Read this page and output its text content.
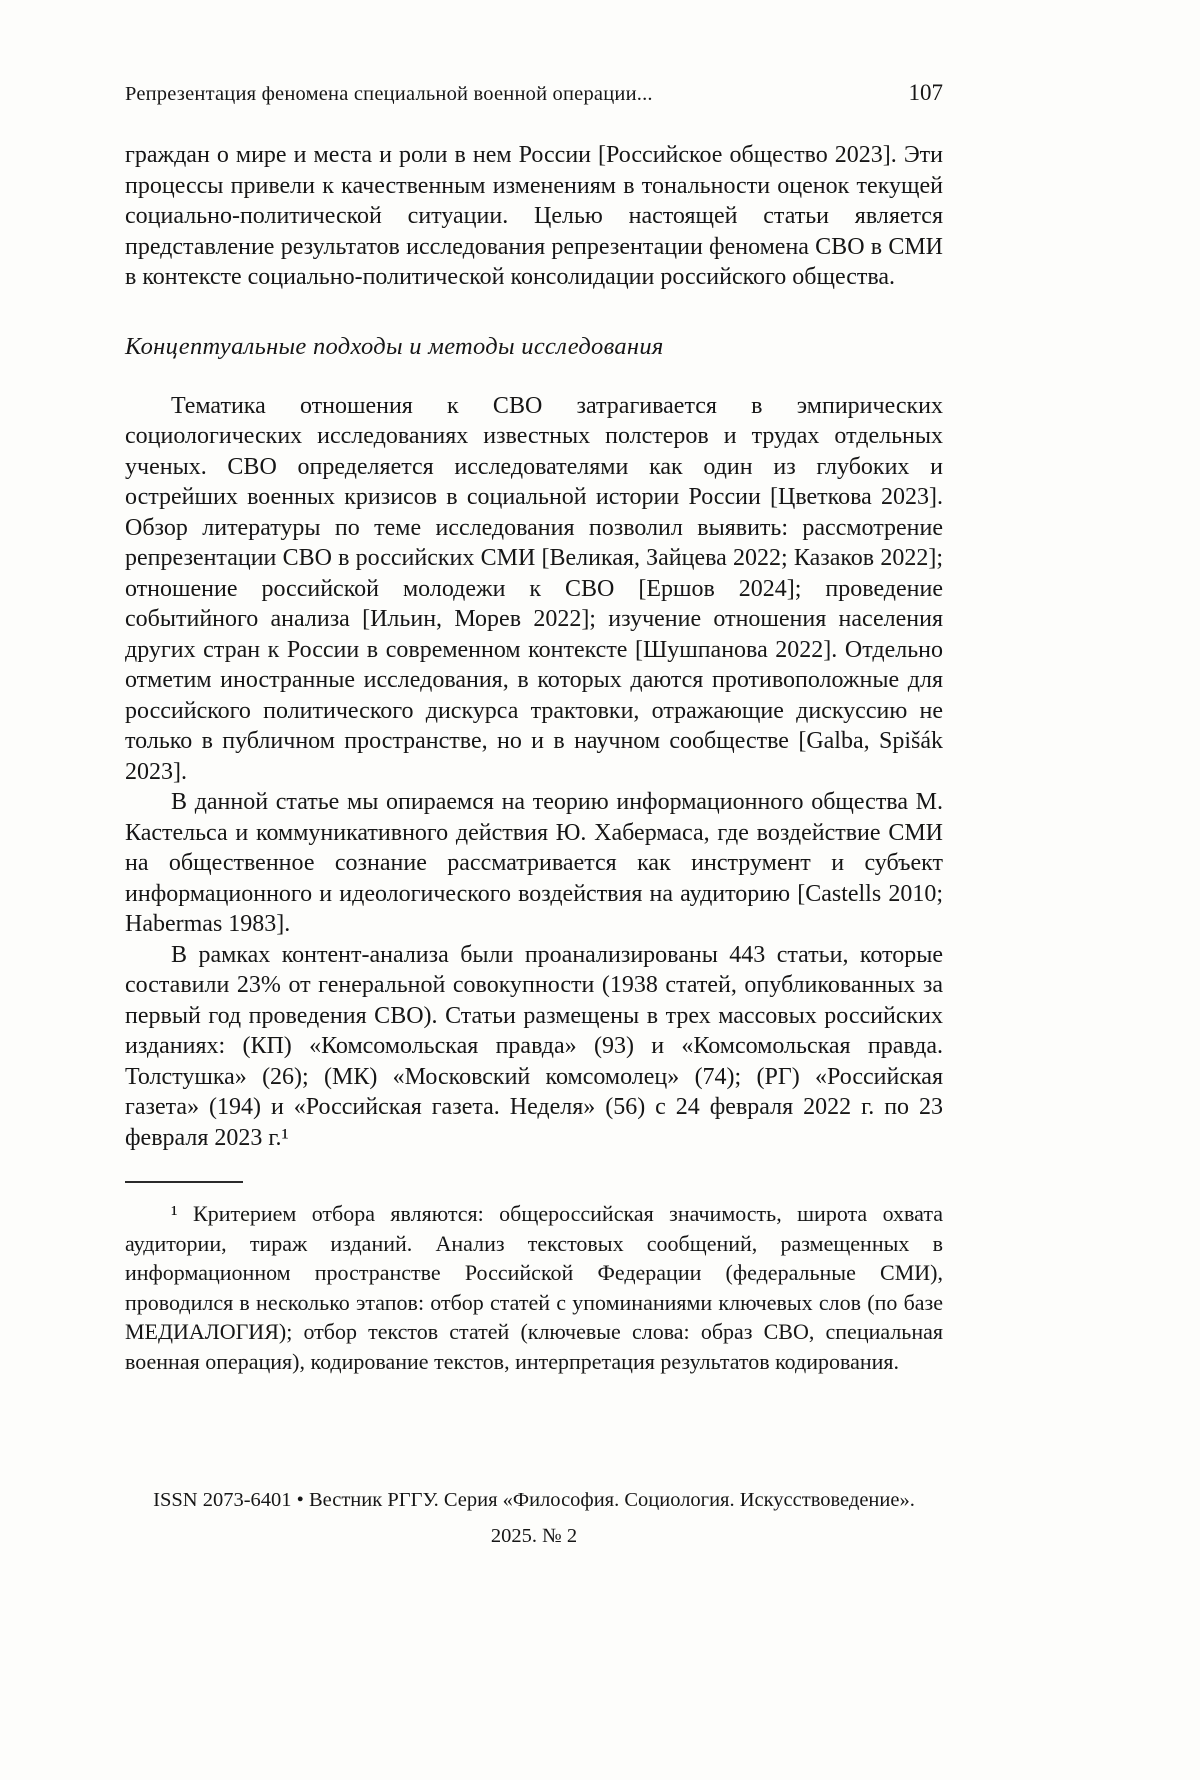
Репрезентация феномена специальной военной операции...	107

граждан о мире и места и роли в нем России [Российское общество 2023]. Эти процессы привели к качественным изменениям в тональности оценок текущей социально-политической ситуации. Целью настоящей статьи является представление результатов исследования репрезентации феномена СВО в СМИ в контексте социально-политической консолидации российского общества.

Концептуальные подходы и методы исследования

Тематика отношения к СВО затрагивается в эмпирических социологических исследованиях известных полстеров и трудах отдельных ученых. СВО определяется исследователями как один из глубоких и острейших военных кризисов в социальной истории России [Цветкова 2023]. Обзор литературы по теме исследования позволил выявить: рассмотрение репрезентации СВО в российских СМИ [Великая, Зайцева 2022; Казаков 2022]; отношение российской молодежи к СВО [Ершов 2024]; проведение событийного анализа [Ильин, Морев 2022]; изучение отношения населения других стран к России в современном контексте [Шушпанова 2022]. Отдельно отметим иностранные исследования, в которых даются противоположные для российского политического дискурса трактовки, отражающие дискуссию не только в публичном пространстве, но и в научном сообществе [Galba, Spišák 2023].

В данной статье мы опираемся на теорию информационного общества М. Кастельса и коммуникативного действия Ю. Хабермаса, где воздействие СМИ на общественное сознание рассматривается как инструмент и субъект информационного и идеологического воздействия на аудиторию [Castells 2010; Habermas 1983].

В рамках контент-анализа были проанализированы 443 статьи, которые составили 23% от генеральной совокупности (1938 статей, опубликованных за первый год проведения СВО). Статьи размещены в трех массовых российских изданиях: (КП) «Комсомольская правда» (93) и «Комсомольская правда. Толстушка» (26); (МК) «Московский комсомолец» (74); (РГ) «Российская газета» (194) и «Российская газета. Неделя» (56) с 24 февраля 2022 г. по 23 февраля 2023 г.¹

¹ Критерием отбора являются: общероссийская значимость, широта охвата аудитории, тираж изданий. Анализ текстовых сообщений, размещенных в информационном пространстве Российской Федерации (федеральные СМИ), проводился в несколько этапов: отбор статей с упоминаниями ключевых слов (по базе МЕДИАЛОГИЯ); отбор текстов статей (ключевые слова: образ СВО, специальная военная операция), кодирование текстов, интерпретация результатов кодирования.
ISSN 2073-6401 • Вестник РГГУ. Серия «Философия. Социология. Искусствоведение».
2025. № 2
